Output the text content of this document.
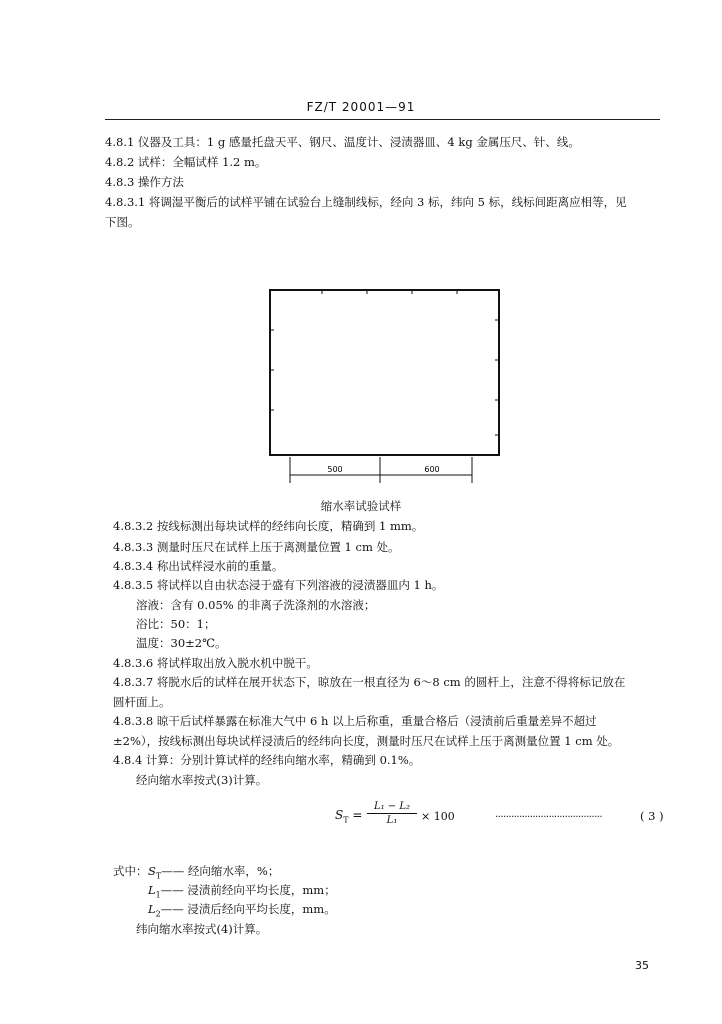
FZ/T 20001—91
4.8.1 仪器及工具：1 g 感量托盘天平、钢尺、温度计、浸渍器皿、4 kg 金属压尺、针、线。
4.8.2 试样：全幅试样 1.2 m。
4.8.3 操作方法
4.8.3.1 将调湿平衡后的试样平铺在试验台上缝制线标，经向 3 标，纬向 5 标，线标间距离应相等，见
下图。
500	600
缩水率试验试样
4.8.3.2 按线标测出每块试样的经纬向长度，精确到 1 mm。
4.8.3.3 测量时压尺在试样上压于离测量位置 1 cm 处。
4.8.3.4 称出试样浸水前的重量。
4.8.3.5 将试样以自由状态浸于盛有下列溶液的浸渍器皿内 1 h。
溶液：含有 0.05% 的非离子洗涤剂的水溶液；
浴比：50：1；
温度：30±2℃。
4.8.3.6 将试样取出放入脱水机中脱干。
4.8.3.7 将脱水后的试样在展开状态下，晾放在一根直径为 6～8 cm 的圆杆上，注意不得将标记放在
圆杆面上。
4.8.3.8 晾干后试样暴露在标准大气中 6 h 以上后称重，重量合格后（浸渍前后重量差异不超过
±2%），按线标测出每块试样浸渍后的经纬向长度，测量时压尺在试样上压于离测量位置 1 cm 处。
4.8.4 计算：分别计算试样的经纬向缩水率，精确到 0.1%。
经向缩水率按式(3)计算。
$S_T$ =
L₁ − L₂
L₁	× 100	........................................	( 3 )
式中： $S_T——$ 经向缩水率，%；
$L_1——$ 浸渍前经向平均长度，mm；
$L_2——$ 浸渍后经向平均长度，mm。
纬向缩水率按式(4)计算。
35
